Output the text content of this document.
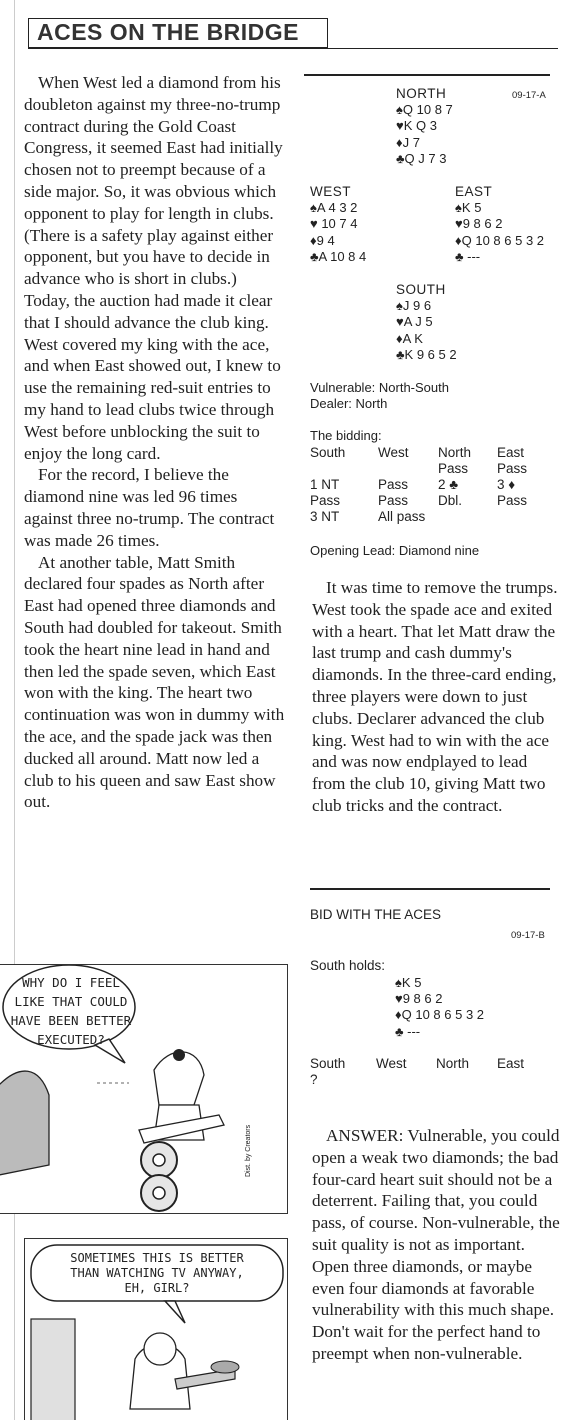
ACES ON THE BRIDGE

When West led a diamond from his doubleton against my three-no-trump contract during the Gold Coast Congress, it seemed East had initially chosen not to preempt because of a side major. So, it was obvious which opponent to play for length in clubs. (There is a safety play against either opponent, but you have to decide in advance who is short in clubs.) Today, the auction had made it clear that I should advance the club king. West covered my king with the ace, and when East showed out, I knew to use the remaining red-suit entries to my hand to lead clubs twice through West before unblocking the suit to enjoy the long card.

For the record, I believe the diamond nine was led 96 times against three no-trump. The contract was made 26 times.

At another table, Matt Smith declared four spades as North after East had opened three diamonds and South had doubled for takeout. Smith took the heart nine lead in hand and then led the spade seven, which East won with the king. The heart two continuation was won in dummy with the ace, and the spade jack was then ducked all around. Matt now led a club to his queen and saw East show out.

09-17-A
NORTH
♠Q 10 8 7
♥K Q 3
♦J 7
♣Q J 7 3
WEST
♠A 4 3 2
♥ 10 7 4
♦9 4
♣A 10 8 4
EAST
♠K 5
♥9 8 6 2
♦Q 10 8 6 5 3 2
♣ ---
SOUTH
♠J 9 6
♥A J 5
♦A K
♣K 9 6 5 2
Vulnerable: North-South
Dealer: North
The bidding:
South

1 NT
Pass
3 NT
West

Pass
Pass
All pass
North
Pass
2 ♣
Dbl.

East
Pass
3 ♦
Pass

Opening Lead: Diamond nine

It was time to remove the trumps. West took the spade ace and exited with a heart. That let Matt draw the last trump and cash dummy's diamonds. In the three-card ending, three players were down to just clubs. Declarer advanced the club king. West had to win with the ace and was now endplayed to lead from the club 10, giving Matt two club tricks and the contract.

BID WITH THE ACES
09-17-B
South holds:
♠K 5
♥9 8 6 2
♦Q 10 8 6 5 3 2
♣ ---
South West North East
?

ANSWER: Vulnerable, you could open a weak two diamonds; the bad four-card heart suit should not be a deterrent. Failing that, you could pass, of course. Non-vulnerable, the suit quality is not as important. Open three diamonds, or maybe even four diamonds at favorable vulnerability with this much shape. Don't wait for the perfect hand to preempt when non-vulnerable.

WHY DO I FEEL
LIKE THAT COULD
HAVE BEEN BETTER
EXECUTED?
Dist. by Creators
SOMETIMES THIS IS BETTER
THAN WATCHING TV ANYWAY,
EH, GIRL?
